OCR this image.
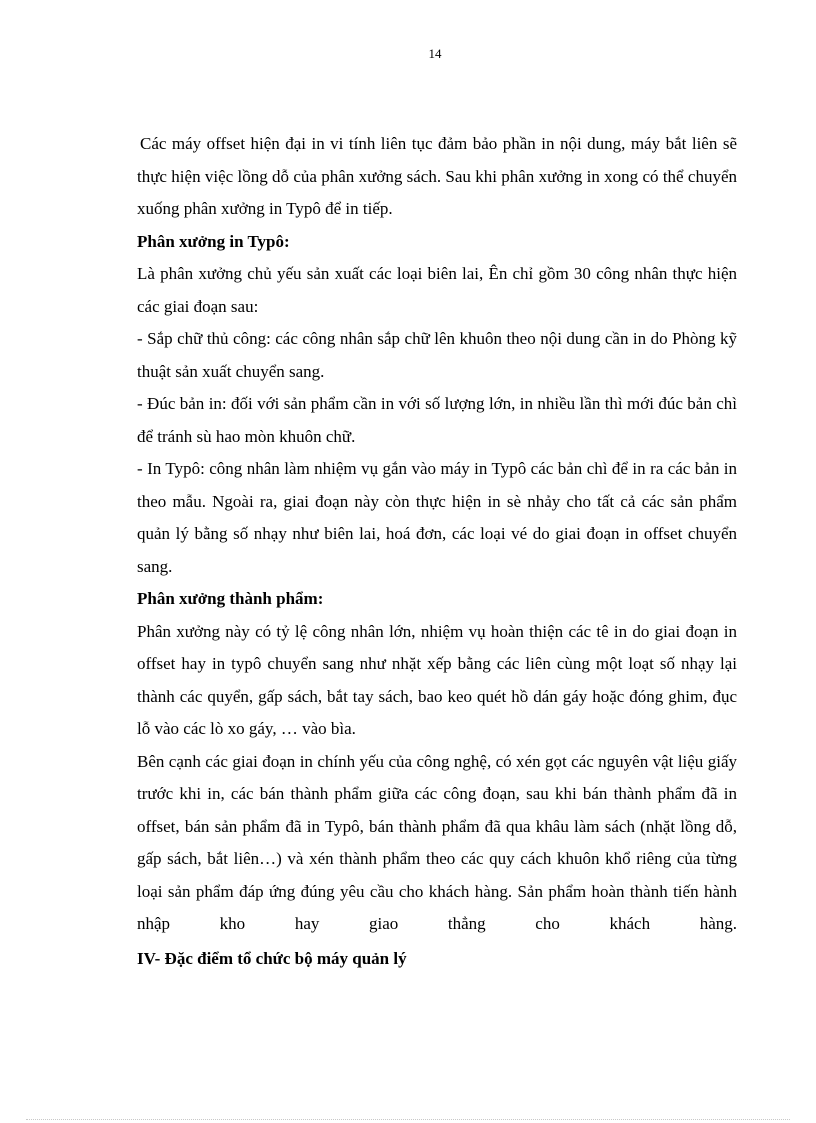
14

Các máy offset hiện đại in vi tính liên tục đảm bảo phần in nội dung, máy bắt liên sẽ thực hiện việc lồng dỗ của phân xưởng sách. Sau khi phân xưởng in xong có thể chuyển xuống phân xưởng in Typô để in tiếp.

Phân xưởng in Typô:

Là phân xưởng chủ yếu sản xuất các loại biên lai, Ên chỉ gồm 30 công nhân thực hiện các giai đoạn sau:

- Sắp chữ thủ công: các công nhân sắp chữ lên khuôn theo nội dung cần in do Phòng kỹ thuật sản xuất chuyển sang.

- Đúc bản in: đối với sản phẩm cần in với số lượng lớn, in nhiều lần thì mới đúc bản chì để tránh sù hao mòn khuôn chữ.

- In Typô: công nhân làm nhiệm vụ gắn vào máy in Typô các bản chì để in ra các bản in theo mẫu. Ngoài ra, giai đoạn này còn thực hiện in sè nhảy cho tất cả các sản phẩm quản lý bằng số nhạy như biên lai, hoá đơn, các loại vé do giai đoạn in offset chuyển sang.

Phân xưởng thành phẩm:

Phân xưởng này có tỷ lệ công nhân lớn, nhiệm vụ hoàn thiện các tê in do giai đoạn in offset hay in typô chuyển sang như nhặt xếp bằng các liên cùng một loạt số nhạy lại thành các quyển, gấp sách, bắt tay sách, bao keo quét hồ dán gáy hoặc đóng ghim, đục lỗ vào các lò xo gáy, … vào bìa.

Bên cạnh các giai đoạn in chính yếu của công nghệ, có xén gọt các nguyên vật liệu giấy trước khi in, các bán thành phẩm giữa các công đoạn, sau khi bán thành phẩm đã in offset, bán sản phẩm đã in Typô, bán thành phẩm đã qua khâu làm sách (nhặt lồng dỗ, gấp sách, bắt liên…) và xén thành phẩm theo các quy cách khuôn khổ riêng của từng loại sản phẩm đáp ứng đúng yêu cầu cho khách hàng. Sản phẩm hoàn thành tiến hành nhập kho hay giao thẳng cho khách hàng.

IV- Đặc điểm tổ chức bộ máy quản lý
